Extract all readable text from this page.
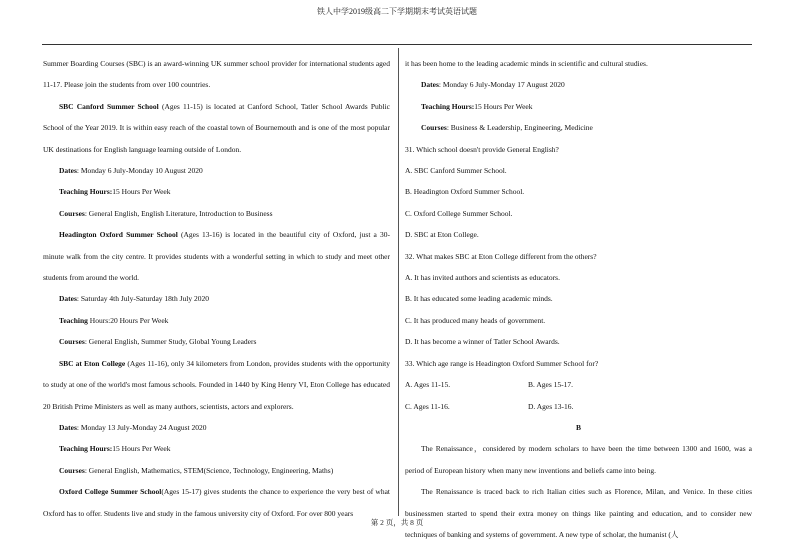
铁人中学2019级高二下学期期末考试英语试题

Summer Boarding Courses (SBC) is an award-winning UK summer school provider for international students aged 11-17. Please join the students from over 100 countries.

SBC Canford Summer School (Ages 11-15) is located at Canford School, Tatler School Awards Public School of the Year 2019. It is within easy reach of the coastal town of Bournemouth and is one of the most popular UK destinations for English language learning outside of London.

Dates: Monday 6 July-Monday 10 August 2020

Teaching Hours:15 Hours Per Week

Courses: General English, English Literature, Introduction to Business

Headington Oxford Summer School (Ages 13-16) is located in the beautiful city of Oxford, just a 30-minute walk from the city centre. It provides students with a wonderful setting in which to study and meet other students from around the world.

Dates: Saturday 4th July-Saturday 18th July 2020

Teaching Hours:20 Hours Per Week

Courses: General English, Summer Study, Global Young Leaders

SBC at Eton College (Ages 11-16), only 34 kilometers from London, provides students with the opportunity to study at one of the world's most famous schools. Founded in 1440 by King Henry VI, Eton College has educated 20 British Prime Ministers as well as many authors, scientists, actors and explorers.

Dates: Monday 13 July-Monday 24 August 2020

Teaching Hours:15 Hours Per Week

Courses: General English, Mathematics, STEM(Science, Technology, Engineering, Maths)

Oxford College Summer School(Ages 15-17) gives students the chance to experience the very best of what Oxford has to offer. Students live and study in the famous university city of Oxford. For over 800 years

it has been home to the leading academic minds in scientific and cultural studies.

Dates: Monday 6 July-Monday 17 August 2020

Teaching Hours:15 Hours Per Week

Courses: Business & Leadership, Engineering, Medicine

31. Which school doesn't provide General English?

A. SBC Canford Summer School.

B. Headington Oxford Summer School.

C. Oxford College Summer School.

D. SBC at Eton College.

32. What makes SBC at Eton College different from the others?

A. It has invited authors and scientists as educators.

B. It has educated some leading academic minds.

C. It has produced many heads of government.

D. It has become a winner of Tatler School Awards.

33. Which age range is Headington Oxford Summer School for?

A. Ages 11-15.	B. Ages 15-17.
C. Ages 11-16.	D. Ages 13-16.

B

The Renaissance，considered by modern scholars to have been the time between 1300 and 1600, was a period of European history when many new inventions and beliefs came into being.

The Renaissance is traced back to rich Italian cities such as Florence, Milan, and Venice. In these cities businessmen started to spend their extra money on things like painting and education, and to consider new techniques of banking and systems of government. A new type of scholar, the humanist (人

第 2 页，共 8 页
